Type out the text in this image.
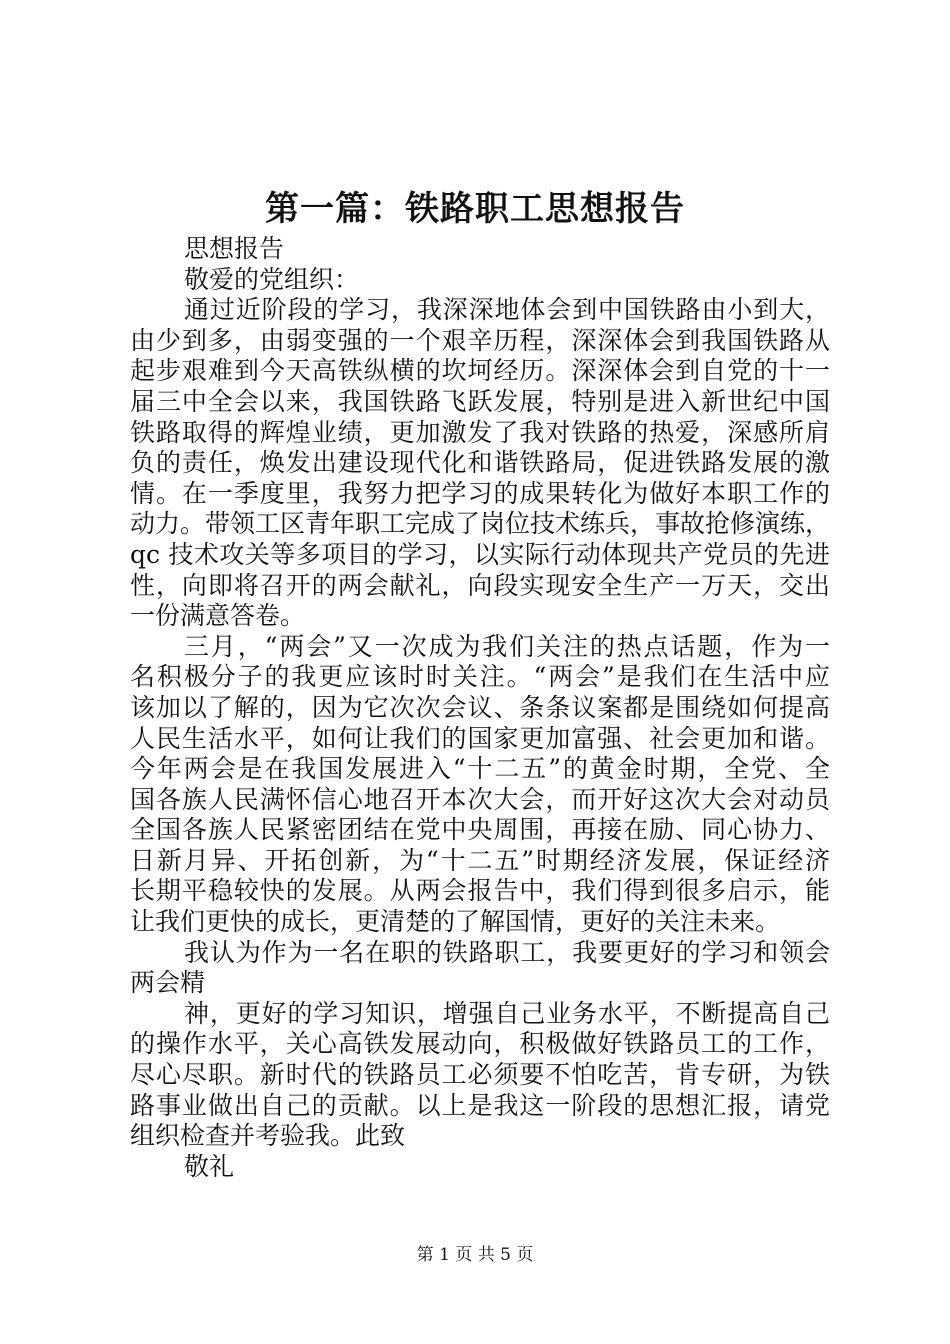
第一篇：铁路职工思想报告
思想报告
敬爱的党组织：
通过近阶段的学习，我深深地体会到中国铁路由小到大，
由少到多，由弱变强的一个艰辛历程，深深体会到我国铁路从
起步艰难到今天高铁纵横的坎坷经历。深深体会到自党的十一
届三中全会以来，我国铁路飞跃发展，特别是进入新世纪中国
铁路取得的辉煌业绩，更加激发了我对铁路的热爱，深感所肩
负的责任，焕发出建设现代化和谐铁路局，促进铁路发展的激
情。在一季度里，我努力把学习的成果转化为做好本职工作的
动力。带领工区青年职工完成了岗位技术练兵，事故抢修演练，
qc 技术攻关等多项目的学习，以实际行动体现共产党员的先进
性，向即将召开的两会献礼，向段实现安全生产一万天，交出
一份满意答卷。
三月，“两会”又一次成为我们关注的热点话题，作为一
名积极分子的我更应该时时关注。“两会”是我们在生活中应
该加以了解的，因为它次次会议、条条议案都是围绕如何提高
人民生活水平，如何让我们的国家更加富强、社会更加和谐。
今年两会是在我国发展进入“十二五”的黄金时期，全党、全
国各族人民满怀信心地召开本次大会，而开好这次大会对动员
全国各族人民紧密团结在党中央周围，再接在励、同心协力、
日新月异、开拓创新，为“十二五”时期经济发展，保证经济
长期平稳较快的发展。从两会报告中，我们得到很多启示，能
让我们更快的成长，更清楚的了解国情，更好的关注未来。
我认为作为一名在职的铁路职工，我要更好的学习和领会
两会精
神，更好的学习知识，增强自己业务水平，不断提高自己
的操作水平，关心高铁发展动向，积极做好铁路员工的工作，
尽心尽职。新时代的铁路员工必须要不怕吃苦，肯专研，为铁
路事业做出自己的贡献。以上是我这一阶段的思想汇报，请党
组织检查并考验我。此致
敬礼
第 1 页 共 5 页
